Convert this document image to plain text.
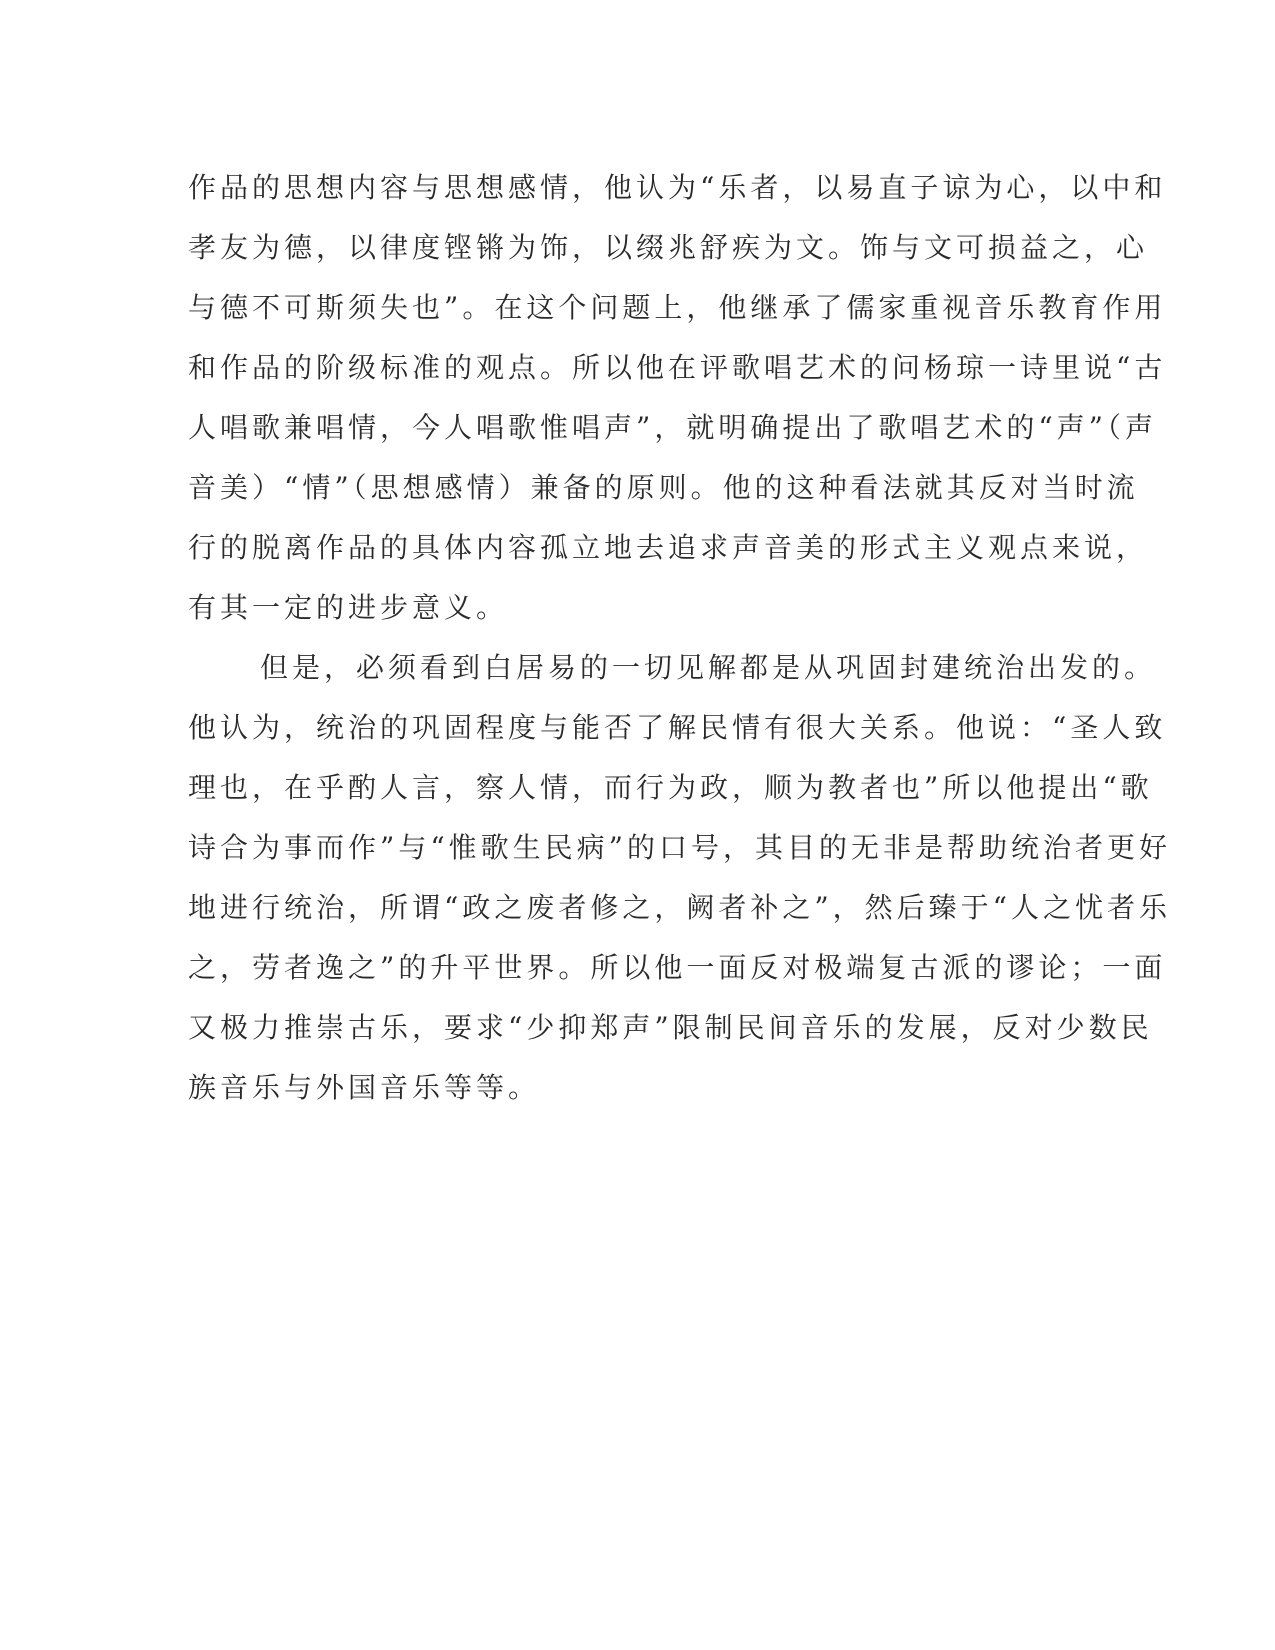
作品的思想内容与思想感情，他认为“乐者，以易直子谅为心，以中和
孝友为德，以律度铿锵为饰，以缀兆舒疾为文。饰与文可损益之，心
与德不可斯须失也”。在这个问题上，他继承了儒家重视音乐教育作用
和作品的阶级标准的观点。所以他在评歌唱艺术的问杨琼一诗里说“古
人唱歌兼唱情，今人唱歌惟唱声”，就明确提出了歌唱艺术的“声”（声
音美）“情”（思想感情）兼备的原则。他的这种看法就其反对当时流
行的脱离作品的具体内容孤立地去追求声音美的形式主义观点来说，
有其一定的进步意义。
但是，必须看到白居易的一切见解都是从巩固封建统治出发的。
他认为，统治的巩固程度与能否了解民情有很大关系。他说：“圣人致
理也，在乎酌人言，察人情，而行为政，顺为教者也”所以他提出“歌
诗合为事而作”与“惟歌生民病”的口号，其目的无非是帮助统治者更好
地进行统治，所谓“政之废者修之，阙者补之”，然后臻于“人之忧者乐
之，劳者逸之”的升平世界。所以他一面反对极端复古派的谬论；一面
又极力推崇古乐，要求“少抑郑声”限制民间音乐的发展，反对少数民
族音乐与外国音乐等等。
